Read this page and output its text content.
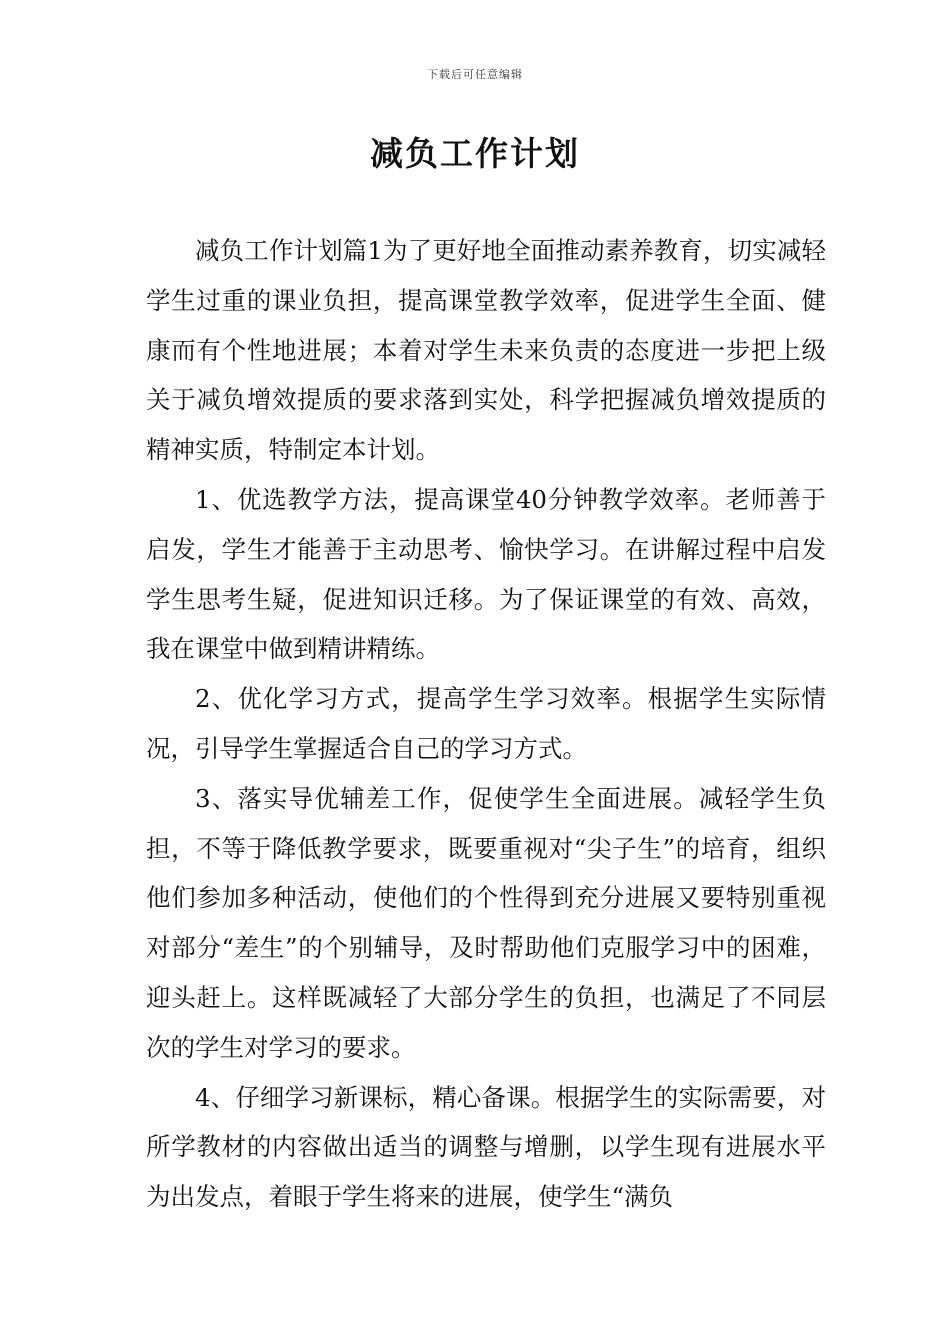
下载后可任意编辑
减负工作计划

减负工作计划篇1为了更好地全面推动素养教育，切实减轻学生过重的课业负担，提高课堂教学效率，促进学生全面、健康而有个性地进展；本着对学生未来负责的态度进一步把上级关于减负增效提质的要求落到实处，科学把握减负增效提质的精神实质，特制定本计划。

1、优选教学方法，提高课堂40分钟教学效率。老师善于启发，学生才能善于主动思考、愉快学习。在讲解过程中启发学生思考生疑，促进知识迁移。为了保证课堂的有效、高效，我在课堂中做到精讲精练。

2、优化学习方式，提高学生学习效率。根据学生实际情况，引导学生掌握适合自己的学习方式。

3、落实导优辅差工作，促使学生全面进展。减轻学生负担，不等于降低教学要求，既要重视对“尖子生”的培育，组织他们参加多种活动，使他们的个性得到充分进展又要特别重视对部分“差生”的个别辅导，及时帮助他们克服学习中的困难，迎头赶上。这样既减轻了大部分学生的负担，也满足了不同层次的学生对学习的要求。

4、仔细学习新课标，精心备课。根据学生的实际需要，对所学教材的内容做出适当的调整与增删，以学生现有进展水平为出发点，着眼于学生将来的进展，使学生“满负
